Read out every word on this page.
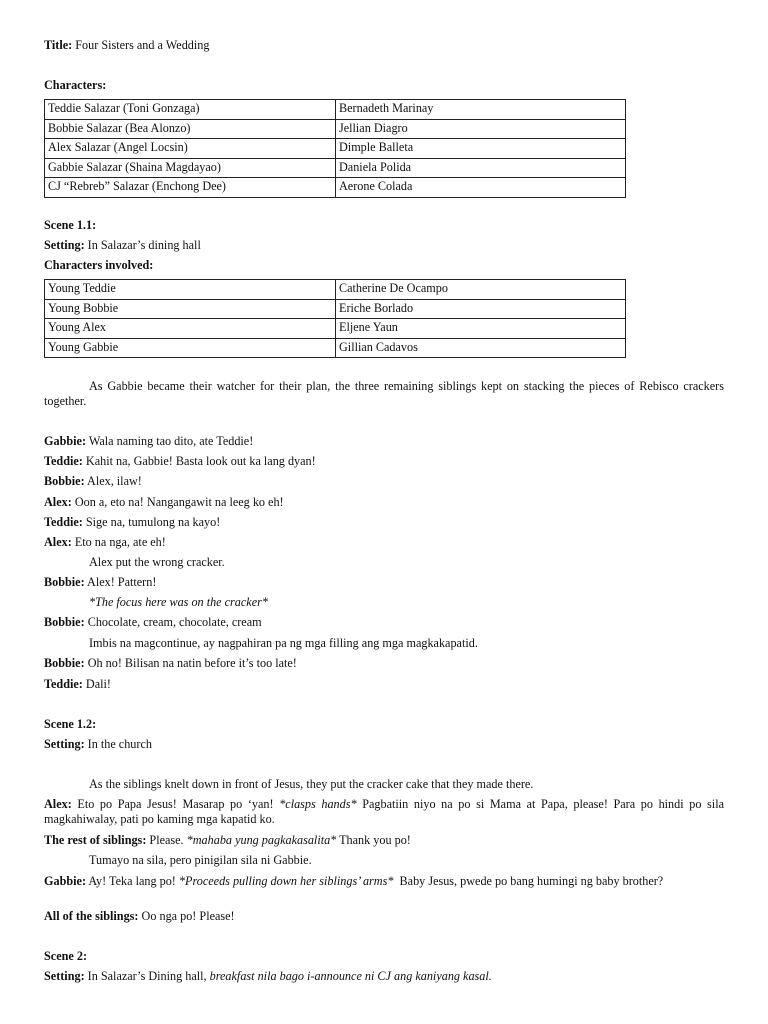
Title: Four Sisters and a Wedding
Characters:
Teddie Salazar (Toni Gonzaga)	Bernadeth Marinay
Bobbie Salazar (Bea Alonzo)	Jellian Diagro
Alex Salazar (Angel Locsin)	Dimple Balleta
Gabbie Salazar (Shaina Magdayao)	Daniela Polida
CJ “Rebreb” Salazar (Enchong Dee)	Aerone Colada
Scene 1.1:
Setting: In Salazar’s dining hall
Characters involved:
Young Teddie	Catherine De Ocampo
Young Bobbie	Eriche Borlado
Young Alex	Eljene Yaun
Young Gabbie	Gillian Cadavos
As Gabbie became their watcher for their plan, the three remaining siblings kept on stacking the pieces of Rebisco crackers together.
Gabbie: Wala naming tao dito, ate Teddie!
Teddie: Kahit na, Gabbie! Basta look out ka lang dyan!
Bobbie: Alex, ilaw!
Alex: Oon a, eto na! Nangangawit na leeg ko eh!
Teddie: Sige na, tumulong na kayo!
Alex: Eto na nga, ate eh!
Alex put the wrong cracker.
Bobbie: Alex! Pattern!
*The focus here was on the cracker*
Bobbie: Chocolate, cream, chocolate, cream
Imbis na magcontinue, ay nagpahiran pa ng mga filling ang mga magkakapatid.
Bobbie: Oh no! Bilisan na natin before it’s too late!
Teddie: Dali!
Scene 1.2:
Setting: In the church
As the siblings knelt down in front of Jesus, they put the cracker cake that they made there.
Alex: Eto po Papa Jesus! Masarap po ‘yan! *clasps hands* Pagbatiin niyo na po si Mama at Papa, please! Para po hindi po sila magkahiwalay, pati po kaming mga kapatid ko.
The rest of siblings: Please. *mahaba yung pagkakasalita* Thank you po!
Tumayo na sila, pero pinigilan sila ni Gabbie.
Gabbie: Ay! Teka lang po! *Proceeds pulling down her siblings’ arms*  Baby Jesus, pwede po bang humingi ng baby brother?
All of the siblings: Oo nga po! Please!
Scene 2:
Setting: In Salazar’s Dining hall, breakfast nila bago i-announce ni CJ ang kaniyang kasal.
